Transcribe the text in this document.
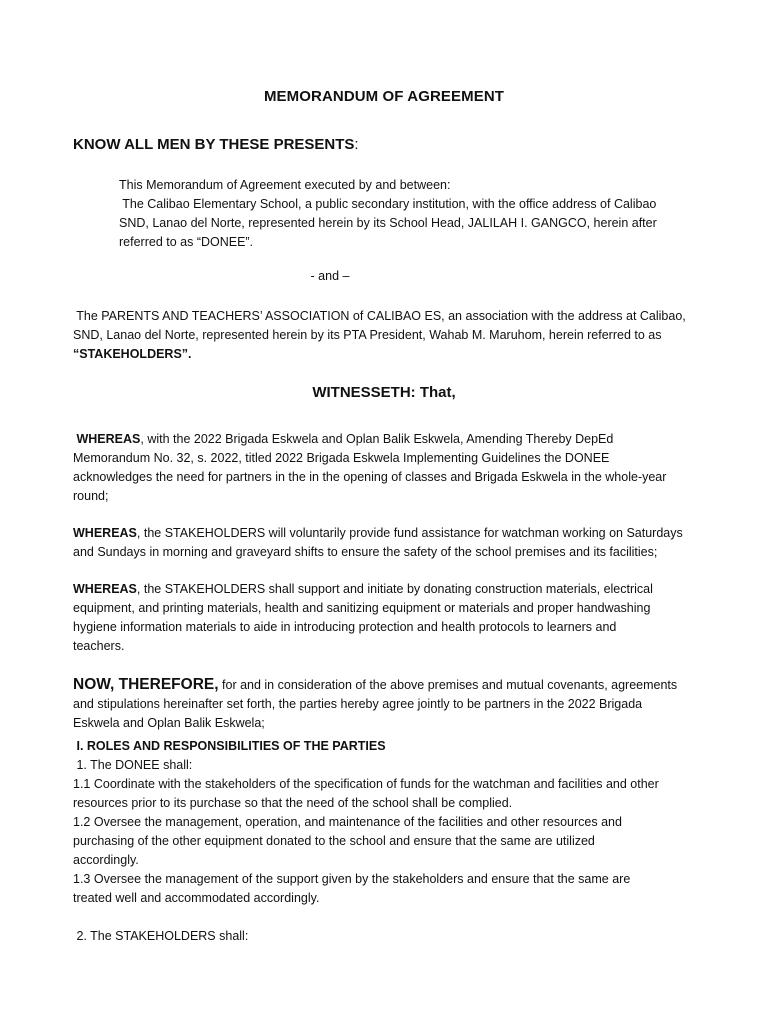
MEMORANDUM OF AGREEMENT
KNOW ALL MEN BY THESE PRESENTS:

This Memorandum of Agreement executed by and between:
The Calibao Elementary School, a public secondary institution, with the office address of Calibao
SND, Lanao del Norte, represented herein by its School Head, JALILAH I. GANGCO, herein after
referred to as “DONEE”.

- and –

The PARENTS AND TEACHERS’ ASSOCIATION of CALIBAO ES, an association with the address at Calibao,
SND, Lanao del Norte, represented herein by its PTA President, Wahab M. Maruhom, herein referred to as
“STAKEHOLDERS”.

WITNESSETH: That,

WHEREAS, with the 2022 Brigada Eskwela and Oplan Balik Eskwela, Amending Thereby DepEd
Memorandum No. 32, s. 2022, titled 2022 Brigada Eskwela Implementing Guidelines the DONEE
acknowledges the need for partners in the in the opening of classes and Brigada Eskwela in the whole-year
round;

WHEREAS, the STAKEHOLDERS will voluntarily provide fund assistance for watchman working on Saturdays
and Sundays in morning and graveyard shifts to ensure the safety of the school premises and its facilities;

WHEREAS, the STAKEHOLDERS shall support and initiate by donating construction materials, electrical
equipment, and printing materials, health and sanitizing equipment or materials and proper handwashing
hygiene information materials to aide in introducing protection and health protocols to learners and
teachers.

NOW, THEREFORE, for and in consideration of the above premises and mutual covenants, agreements
and stipulations hereinafter set forth, the parties hereby agree jointly to be partners in the 2022 Brigada
Eskwela and Oplan Balik Eskwela;

I. ROLES AND RESPONSIBILITIES OF THE PARTIES
1. The DONEE shall:
1.1 Coordinate with the stakeholders of the specification of funds for the watchman and facilities and other
resources prior to its purchase so that the need of the school shall be complied.
1.2 Oversee the management, operation, and maintenance of the facilities and other resources and
purchasing of the other equipment donated to the school and ensure that the same are utilized
accordingly.
1.3 Oversee the management of the support given by the stakeholders and ensure that the same are
treated well and accommodated accordingly.

2. The STAKEHOLDERS shall:
